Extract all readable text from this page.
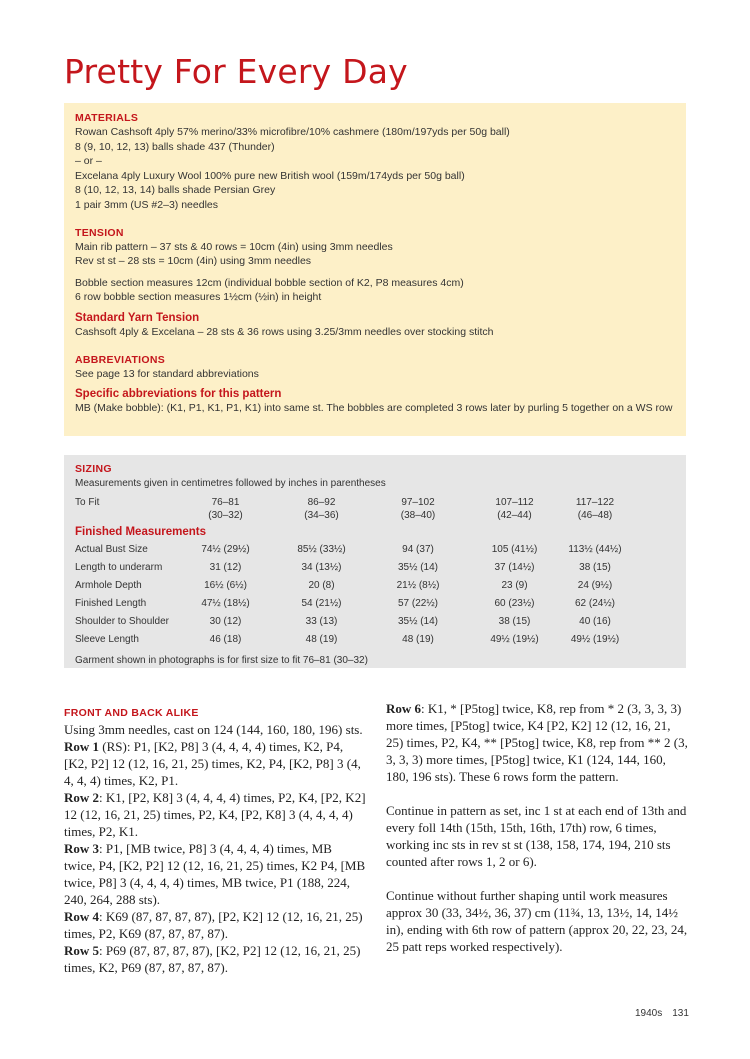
Pretty For Every Day
MATERIALS
Rowan Cashsoft 4ply 57% merino/33% microfibre/10% cashmere (180m/197yds per 50g ball)
8 (9, 10, 12, 13) balls shade 437 (Thunder)
– or –
Excelana 4ply Luxury Wool 100% pure new British wool (159m/174yds per 50g ball)
8 (10, 12, 13, 14) balls shade Persian Grey
1 pair 3mm (US #2–3) needles
TENSION
Main rib pattern – 37 sts & 40 rows = 10cm (4in) using 3mm needles
Rev st st – 28 sts = 10cm (4in) using 3mm needles
Bobble section measures 12cm (individual bobble section of K2, P8 measures 4cm)
6 row bobble section measures 1½cm (½in) in height
Standard Yarn Tension
Cashsoft 4ply & Excelana – 28 sts & 36 rows using 3.25/3mm needles over stocking stitch
ABBREVIATIONS
See page 13 for standard abbreviations
Specific abbreviations for this pattern
MB (Make bobble): (K1, P1, K1, P1, K1) into same st. The bobbles are completed 3 rows later by purling 5 together on a WS row
SIZING
Measurements given in centimetres followed by inches in parentheses
To Fit	76–81	86–92	97–102	107–112	117–122
(30–32)	(34–36)	(38–40)	(42–44)	(46–48)
Finished Measurements
Actual Bust Size	74½ (29½)	85½ (33½)	94 (37)	105 (41½)	113½ (44½)
Length to underarm	31 (12)	34 (13½)	35½ (14)	37 (14½)	38 (15)
Armhole Depth	16½ (6½)	20 (8)	21½ (8½)	23 (9)	24 (9½)
Finished Length	47½ (18½)	54 (21½)	57 (22½)	60 (23½)	62 (24½)
Shoulder to Shoulder	30 (12)	33 (13)	35½ (14)	38 (15)	40 (16)
Sleeve Length	46 (18)	48 (19)	48 (19)	49½ (19½)	49½ (19½)
Garment shown in photographs is for first size to fit 76–81 (30–32)
FRONT AND BACK ALIKE

Using 3mm needles, cast on 124 (144, 160, 180, 196) sts.

Row 1 (RS): P1, [K2, P8] 3 (4, 4, 4, 4) times, K2, P4, [K2, P2] 12 (12, 16, 21, 25) times, K2, P4, [K2, P8] 3 (4, 4, 4, 4) times, K2, P1.

Row 2: K1, [P2, K8] 3 (4, 4, 4, 4) times, P2, K4, [P2, K2] 12 (12, 16, 21, 25) times, P2, K4, [P2, K8] 3 (4, 4, 4, 4) times, P2, K1.

Row 3: P1, [MB twice, P8] 3 (4, 4, 4, 4) times, MB twice, P4, [K2, P2] 12 (12, 16, 21, 25) times, K2 P4, [MB twice, P8] 3 (4, 4, 4, 4) times, MB twice, P1 (188, 224, 240, 264, 288 sts).

Row 4: K69 (87, 87, 87, 87), [P2, K2] 12 (12, 16, 21, 25) times, P2, K69 (87, 87, 87, 87).

Row 5: P69 (87, 87, 87, 87), [K2, P2] 12 (12, 16, 21, 25) times, K2, P69 (87, 87, 87, 87).

Row 6: K1, * [P5tog] twice, K8, rep from * 2 (3, 3, 3, 3) more times, [P5tog] twice, K4 [P2, K2] 12 (12, 16, 21, 25) times, P2, K4, ** [P5tog] twice, K8, rep from ** 2 (3, 3, 3, 3) more times, [P5tog] twice, K1 (124, 144, 160, 180, 196 sts). These 6 rows form the pattern.

Continue in pattern as set, inc 1 st at each end of 13th and every foll 14th (15th, 15th, 16th, 17th) row, 6 times, working inc sts in rev st st (138, 158, 174, 194, 210 sts counted after rows 1, 2 or 6).

Continue without further shaping until work measures approx 30 (33, 34½, 36, 37) cm (11¾, 13, 13½, 14, 14½ in), ending with 6th row of pattern (approx 20, 22, 23, 24, 25 patt reps worked respectively).

1940s 131
